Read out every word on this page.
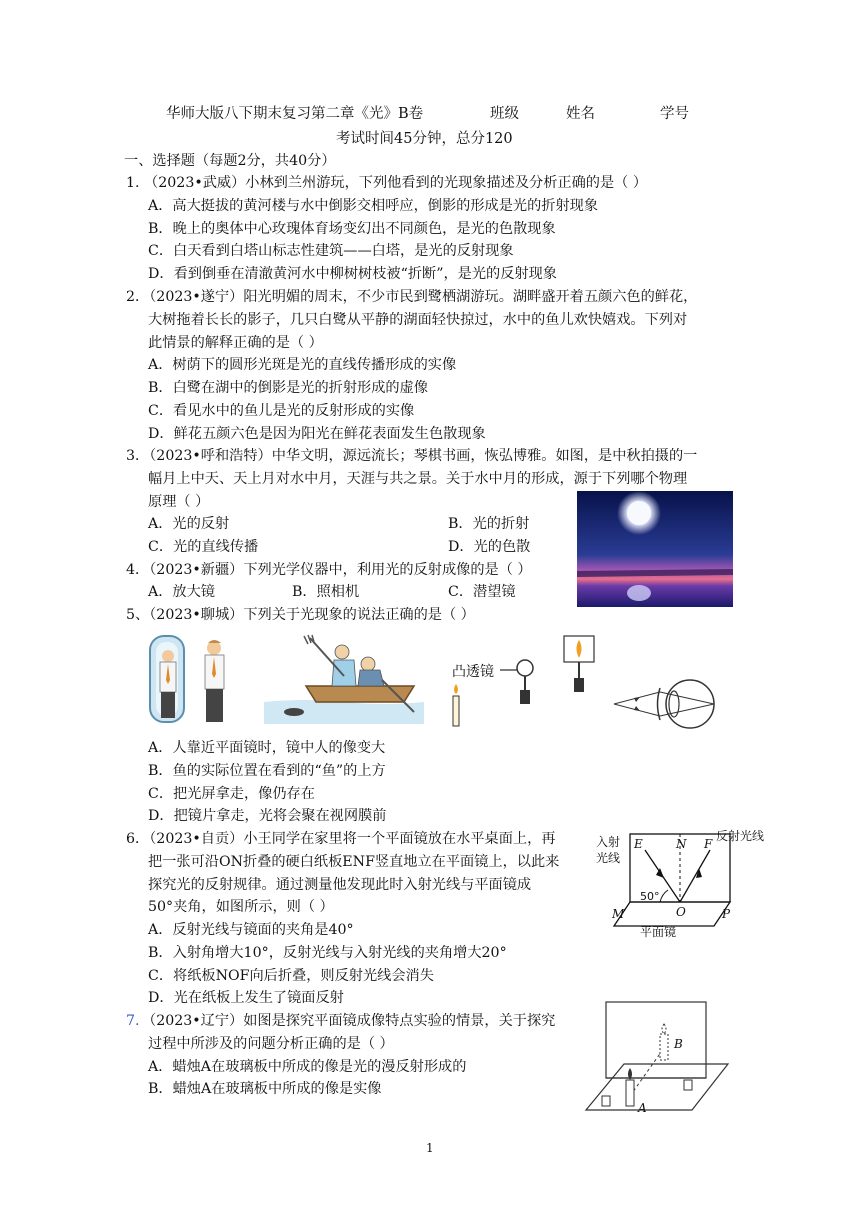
华师大版八下期末复习第二章《光》B卷	班级	姓名	学号
考试时间45分钟，总分120
一、选择题（每题2分，共40分）
1. （2023•武威）小林到兰州游玩，下列他看到的光现象描述及分析正确的是（ ）
A．高大挺拔的黄河楼与水中倒影交相呼应，倒影的形成是光的折射现象
B．晚上的奥体中心玫瑰体育场变幻出不同颜色，是光的色散现象
C．白天看到白塔山标志性建筑——白塔，是光的反射现象
D．看到倒垂在清澈黄河水中柳树树枝被“折断”，是光的反射现象
2．（2023•遂宁）阳光明媚的周末，不少市民到鹭栖湖游玩。湖畔盛开着五颜六色的鲜花，
大树拖着长长的影子，几只白鹭从平静的湖面轻快掠过，水中的鱼儿欢快嬉戏。下列对
此情景的解释正确的是（ ）
A．树荫下的圆形光斑是光的直线传播形成的实像
B．白鹭在湖中的倒影是光的折射形成的虚像
C．看见水中的鱼儿是光的反射形成的实像
D．鲜花五颜六色是因为阳光在鲜花表面发生色散现象
3．（2023•呼和浩特）中华文明，源远流长；琴棋书画，恢弘博雅。如图，是中秋拍摄的一
幅月上中天、天上月对水中月，天涯与共之景。关于水中月的形成，源于下列哪个物理
原理（ ）
A．光的反射	B．光的折射
C．光的直线传播	D．光的色散
4．（2023•新疆）下列光学仪器中，利用光的反射成像的是（ ）
A．放大镜	B．照相机	C．潜望镜
5、（2023•聊城）下列关于光现象的说法正确的是（ ）
凸透镜
A．人靠近平面镜时，镜中人的像变大
B．鱼的实际位置在看到的“鱼”的上方
C．把光屏拿走，像仍存在
D．把镜片拿走，光将会聚在视网膜前
6．（2023•自贡）小王同学在家里将一个平面镜放在水平桌面上，再
把一张可沿ON折叠的硬白纸板ENF竖直地立在平面镜上，以此来
探究光的反射规律。通过测量他发现此时入射光线与平面镜成
50°夹角，如图所示，则（ ）
A．反射光线与镜面的夹角是40°
B．入射角增大10°，反射光线与入射光线的夹角增大20°
C．将纸板NOF向后折叠，则反射光线会消失
D．光在纸板上发生了镜面反射
入射
光线
反射光线
E	N F
M	O	P
50°
平面镜
7. （2023•辽宁）如图是探究平面镜成像特点实验的情景，关于探究
过程中所涉及的问题分析正确的是（ ）
A．蜡烛A在玻璃板中所成的像是光的漫反射形成的
B．蜡烛A在玻璃板中所成的像是实像
A
B
1
